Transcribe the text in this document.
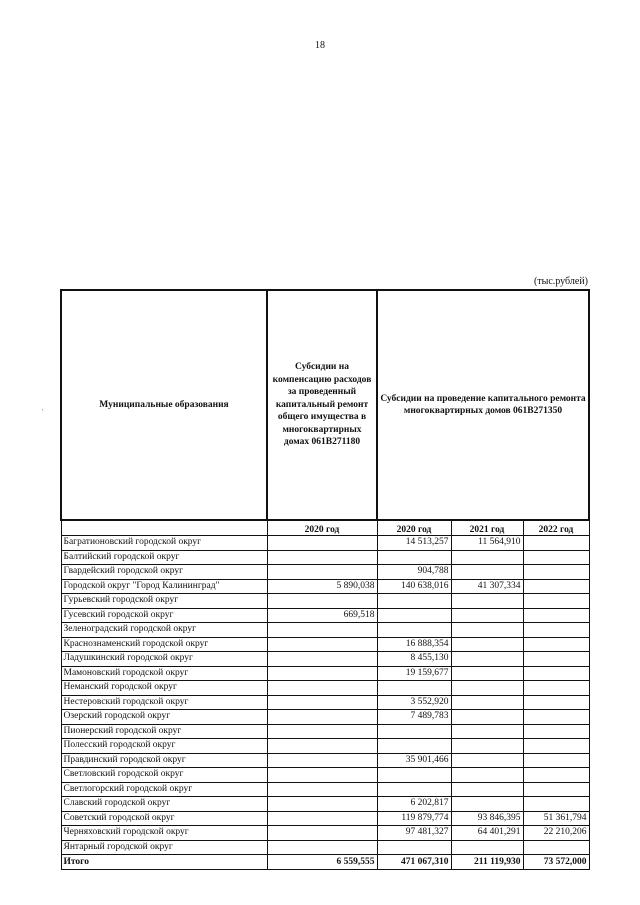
18
(тыс.рублей)
'
Муниципальные образования	Субсидии на компенсацию расходов за проведенный капитальный ремонт общего имущества в многоквартирных домах 061В271180	Субсидии на проведение капитального ремонта многоквартирных домов 061В271350		
	2020 год	2020 год	2021 год	2022 год
Багратионовский городской округ		14 513,257	11 564,910	
Балтийский городской округ				
Гвардейский городской округ		904,788		
Городской округ "Город Калининград"	5 890,038	140 638,016	41 307,334	
Гурьевский городской округ				
Гусевский городской округ	669,518			
Зеленоградский городской округ				
Краснознаменский городской округ		16 888,354		
Ладушкинский городской округ		8 455,130		
Мамоновский городской округ		19 159,677		
Неманский городской округ				
Нестеровский городской округ		3 552,920		
Озерский городской округ		7 489,783		
Пионерский городской округ				
Полесский городской округ				
Правдинский городской округ		35 901,466		
Светловский городской округ				
Светлогорский городской округ				
Славский городской округ		6 202,817		
Советский городской округ		119 879,774	93 846,395	51 361,794
Черняховский городской округ		97 481,327	64 401,291	22 210,206
Янтарный городской округ				
Итого	6 559,555	471 067,310	211 119,930	73 572,000
